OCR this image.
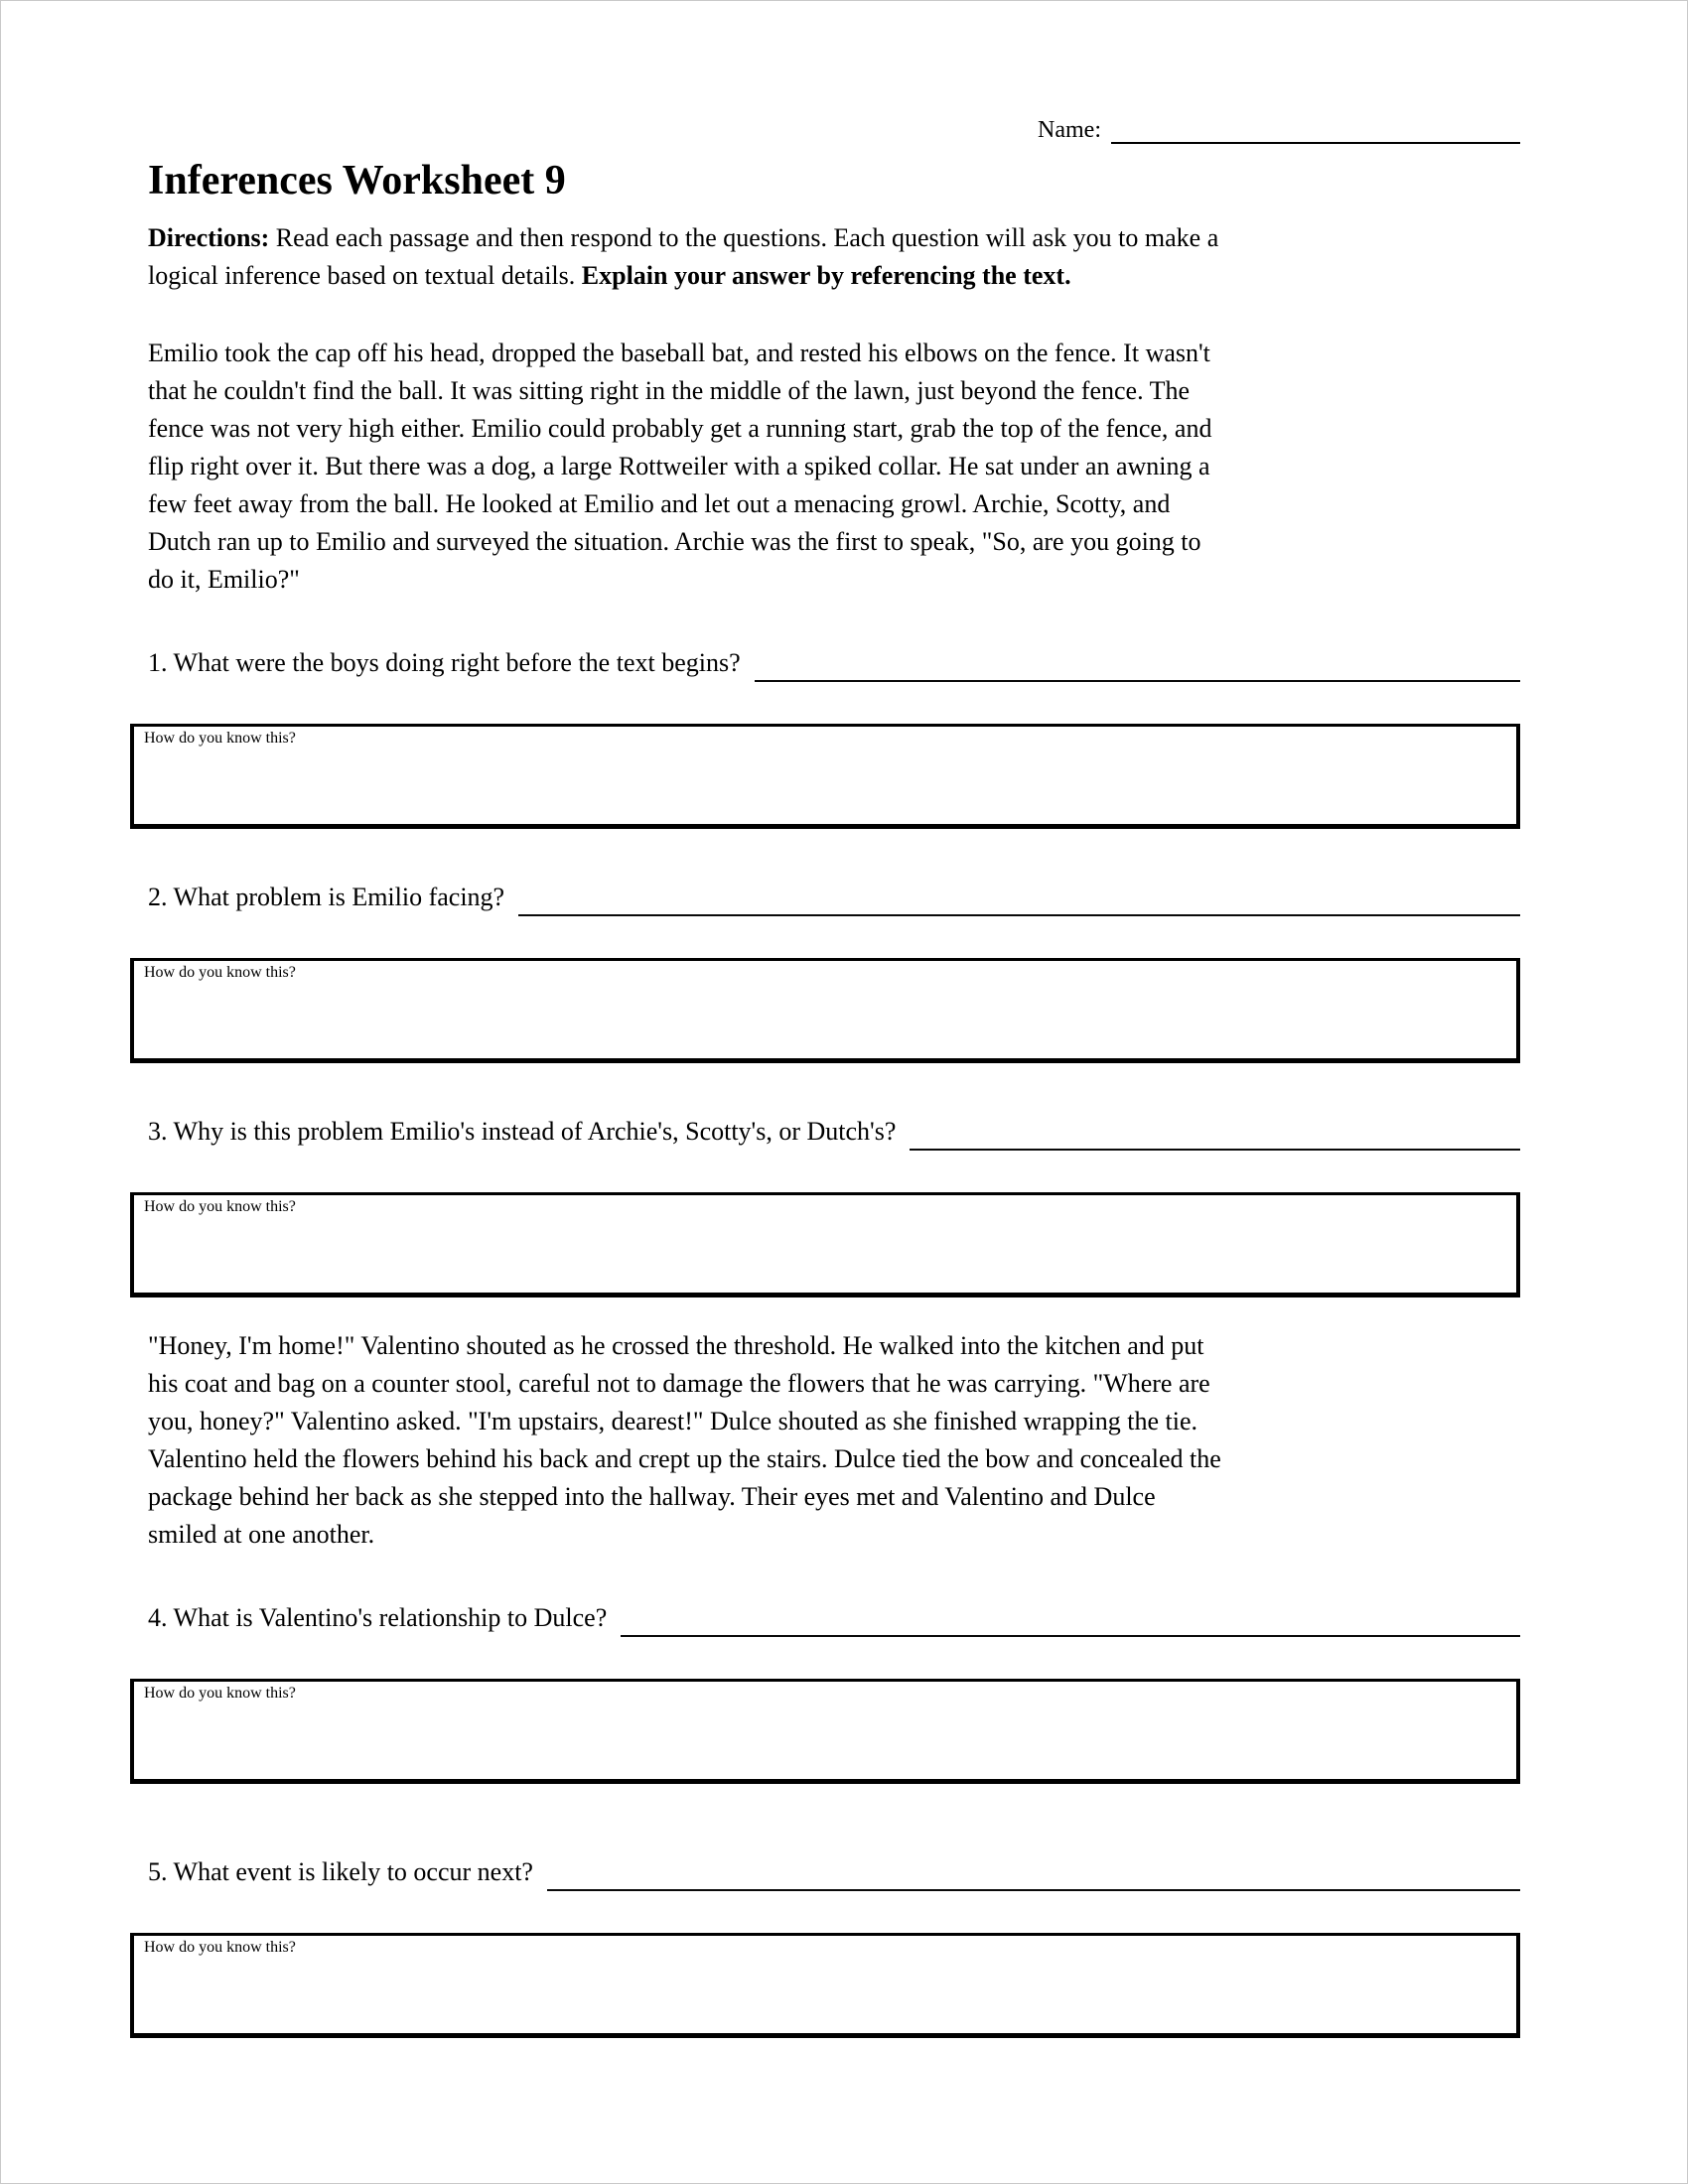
Name:
Inferences Worksheet 9

Directions: Read each passage and then respond to the questions. Each question will ask you to make a
logical inference based on textual details. Explain your answer by referencing the text.

Emilio took the cap off his head, dropped the baseball bat, and rested his elbows on the fence. It wasn't
that he couldn't find the ball. It was sitting right in the middle of the lawn, just beyond the fence. The
fence was not very high either. Emilio could probably get a running start, grab the top of the fence, and
flip right over it. But there was a dog, a large Rottweiler with a spiked collar. He sat under an awning a
few feet away from the ball. He looked at Emilio and let out a menacing growl. Archie, Scotty, and
Dutch ran up to Emilio and surveyed the situation. Archie was the first to speak, "So, are you going to
do it, Emilio?"
1. What were the boys doing right before the text begins?
How do you know this?
2. What problem is Emilio facing?
How do you know this?
3. Why is this problem Emilio's instead of Archie's, Scotty's, or Dutch's?
How do you know this?
"Honey, I'm home!" Valentino shouted as he crossed the threshold. He walked into the kitchen and put
his coat and bag on a counter stool, careful not to damage the flowers that he was carrying. "Where are
you, honey?" Valentino asked. "I'm upstairs, dearest!" Dulce shouted as she finished wrapping the tie.
Valentino held the flowers behind his back and crept up the stairs. Dulce tied the bow and concealed the
package behind her back as she stepped into the hallway. Their eyes met and Valentino and Dulce
smiled at one another.
4. What is Valentino's relationship to Dulce?
How do you know this?
5. What event is likely to occur next?
How do you know this?
